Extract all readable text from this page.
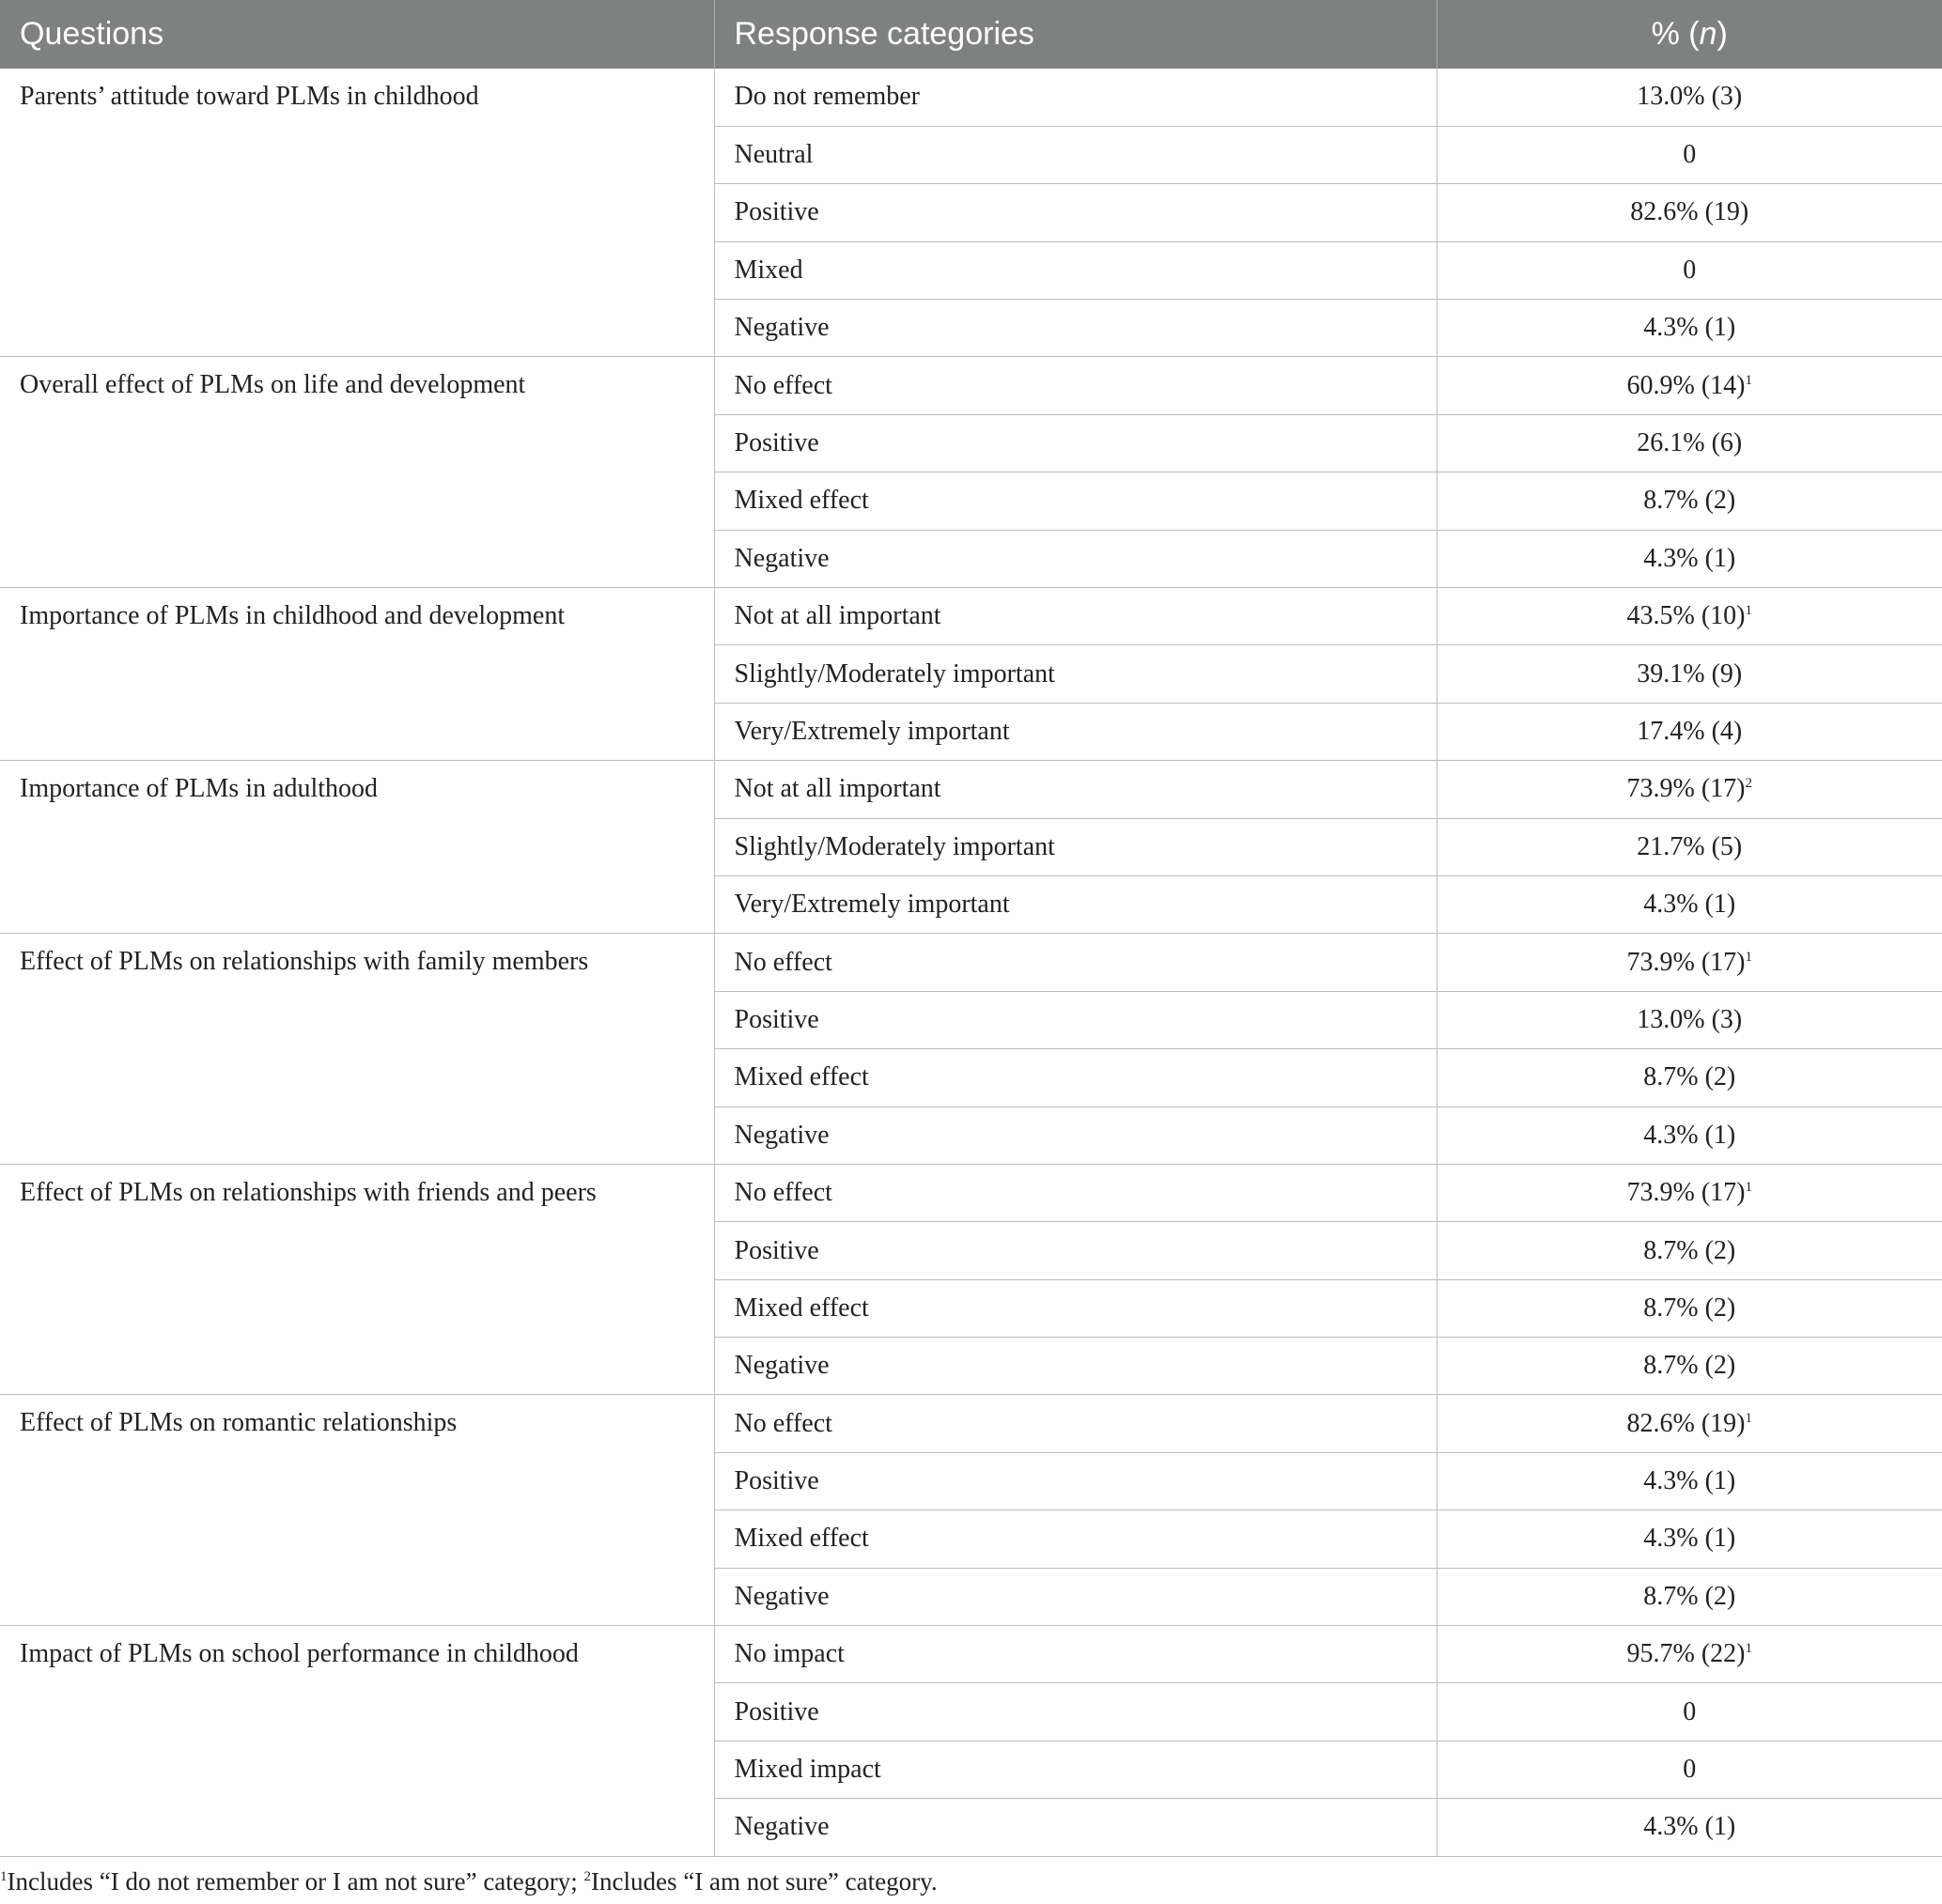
Questions	Response categories	% (n)
Parents’ attitude toward PLMs in childhood	Do not remember	13.0% (3)
	Neutral	0
	Positive	82.6% (19)
	Mixed	0
	Negative	4.3% (1)
Overall effect of PLMs on life and development	No effect	60.9% $(14)^1$
	Positive	26.1% (6)
	Mixed effect	8.7% (2)
	Negative	4.3% (1)
Importance of PLMs in childhood and development	Not at all important	43.5% $(10)^1$
	Slightly/Moderately important	39.1% (9)
	Very/Extremely important	17.4% (4)
Importance of PLMs in adulthood	Not at all important	73.9% $(17)^2$
	Slightly/Moderately important	21.7% (5)
	Very/Extremely important	4.3% (1)
Effect of PLMs on relationships with family members	No effect	73.9% $(17)^1$
	Positive	13.0% (3)
	Mixed effect	8.7% (2)
	Negative	4.3% (1)
Effect of PLMs on relationships with friends and peers	No effect	73.9% $(17)^1$
	Positive	8.7% (2)
	Mixed effect	8.7% (2)
	Negative	8.7% (2)
Effect of PLMs on romantic relationships	No effect	82.6% $(19)^1$
	Positive	4.3% (1)
	Mixed effect	4.3% (1)
	Negative	8.7% (2)
Impact of PLMs on school performance in childhood	No impact	95.7% $(22)^1$
	Positive	0
	Mixed impact	0
	Negative	4.3% (1)
$^1$Includes “I do not remember or I am not sure” category; $^2$Includes “I am not sure” category.
